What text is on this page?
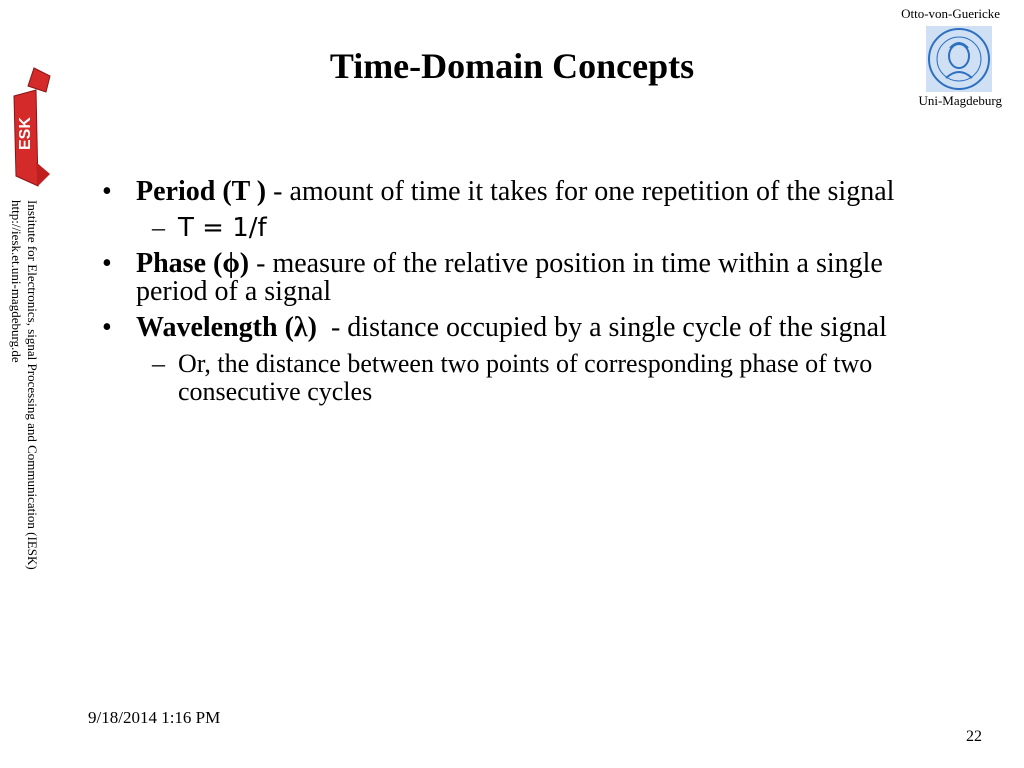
ESK
Institute for Electronics, signal Processing and Communication (IESK)
http://iesk.et.uni-magdeburg.de
Otto-von-Guericke
Uni-Magdeburg
Time-Domain Concepts
• Period (T ) - amount of time it takes for one repetition of the signal
– T = 1/f
• Phase (ϕ) - measure of the relative position in time within a single period of a signal
• Wavelength (λ) - distance occupied by a single cycle of the signal
– Or, the distance between two points of corresponding phase of two consecutive cycles
9/18/2014 1:16 PM
22
